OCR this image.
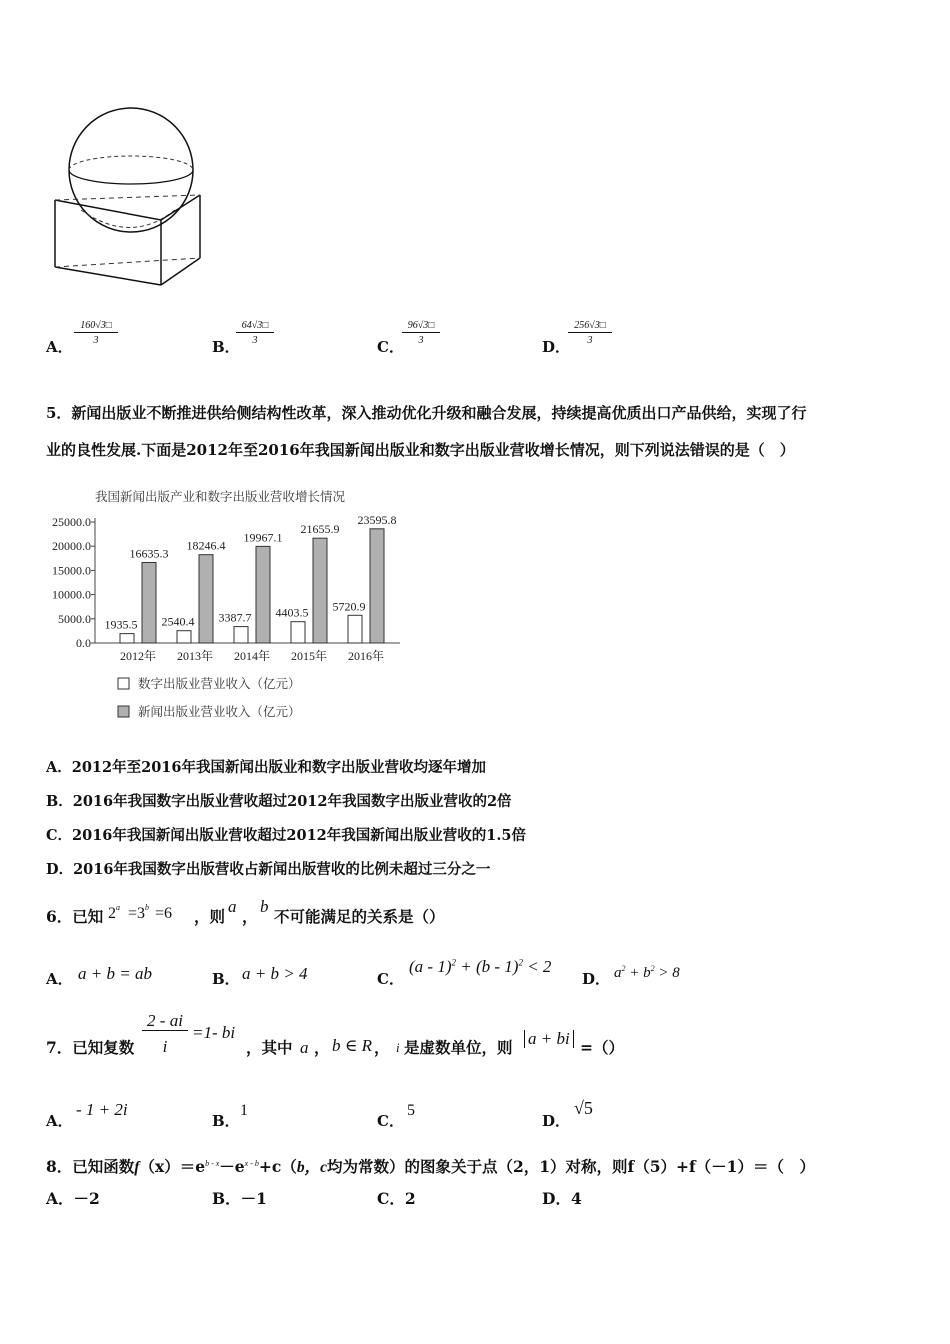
A．
160√3□
3	B．
64√3□
3	C．
96√3□
3	D．
256√3□
3
5．新闻出版业不断推进供给侧结构性改革，深入推动优化升级和融合发展，持续提高优质出口产品供给，实现了行
业的良性发展.下面是2012年至2016年我国新闻出版业和数字出版业营收增长情况，则下列说法错误的是（　）
我国新闻出版产业和数字出版业营收增长情况
25000.0
20000.0
15000.0
10000.0
5000.0
0.0
1935.5
16635.3
2012年
2540.4
18246.4
2013年
3387.7
19967.1
2014年
4403.5
21655.9
2015年
5720.9
23595.8
2016年
数字出版业营业收入（亿元）
新闻出版业营业收入（亿元）
A．2012年至2016年我国新闻出版业和数字出版业营收均逐年增加
B．2016年我国数字出版业营收超过2012年我国数字出版业营收的2倍
C．2016年我国新闻出版业营收超过2012年我国新闻出版业营收的1.5倍
D．2016年我国数字出版营收占新闻出版营收的比例未超过三分之一
6．已知 $2^a =3^b =6$ ，则
a
，
b
不可能满足的关系是（）
A． a + b = ab	B． a + b > 4	C．
(a - 1)$^2$ + (b - 1)$^2$ < 2
D． $a^2 + b^2 > 8$
7．已知复数
2 - ai
i
=1- bi
，其中 a ， b ∈ R ， i 是虚数单位，则 a + bi =（）
A．
- 1 + 2i
B．
1
C．
5
D．
√5
8．已知函数$f(x)=e^{b - x}-e^{x - b}+c(b$，c均为常数）的图象关于点（2，1）对称，则f（5）+f（－1）＝（　）
A．－2	B．－1	C．2	D．4
